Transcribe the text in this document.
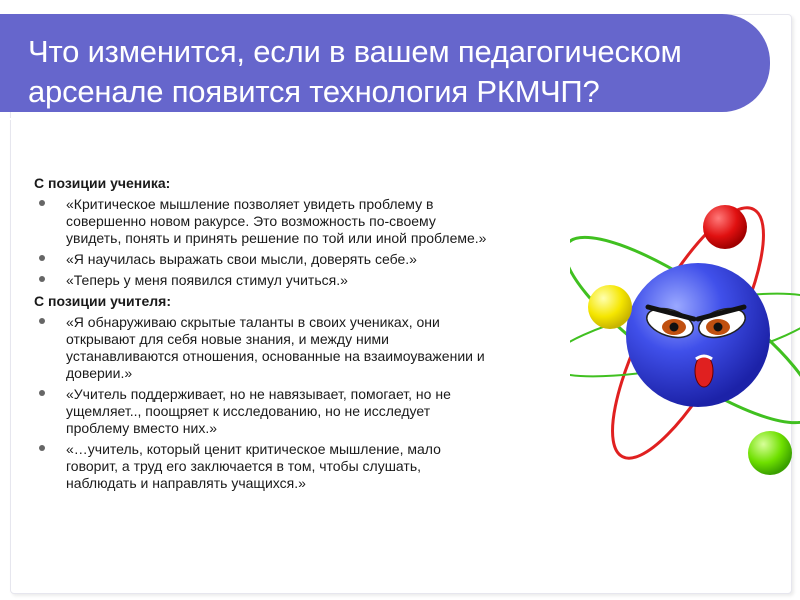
Что изменится, если в вашем педагогическом
арсенале появится технология РКМЧП?
С позиции ученика:
«Критическое мышление позволяет увидеть проблему в
совершенно новом ракурсе. Это возможность по-своему
увидеть, понять и принять решение по той или иной проблеме.»
«Я научилась выражать свои мысли, доверять себе.»
«Теперь у меня появился стимул учиться.»
С позиции учителя:
«Я обнаруживаю скрытые таланты в своих учениках, они
открывают для себя новые знания, и между ними
устанавливаются отношения, основанные на взаимоуважении и
доверии.»
«Учитель поддерживает, но не навязывает, помогает, но не
ущемляет.., поощряет к исследованию, но не исследует
проблему вместо них.»
«…учитель, который ценит критическое мышление, мало
говорит, а труд его заключается в том, чтобы слушать,
наблюдать и направлять учащихся.»
